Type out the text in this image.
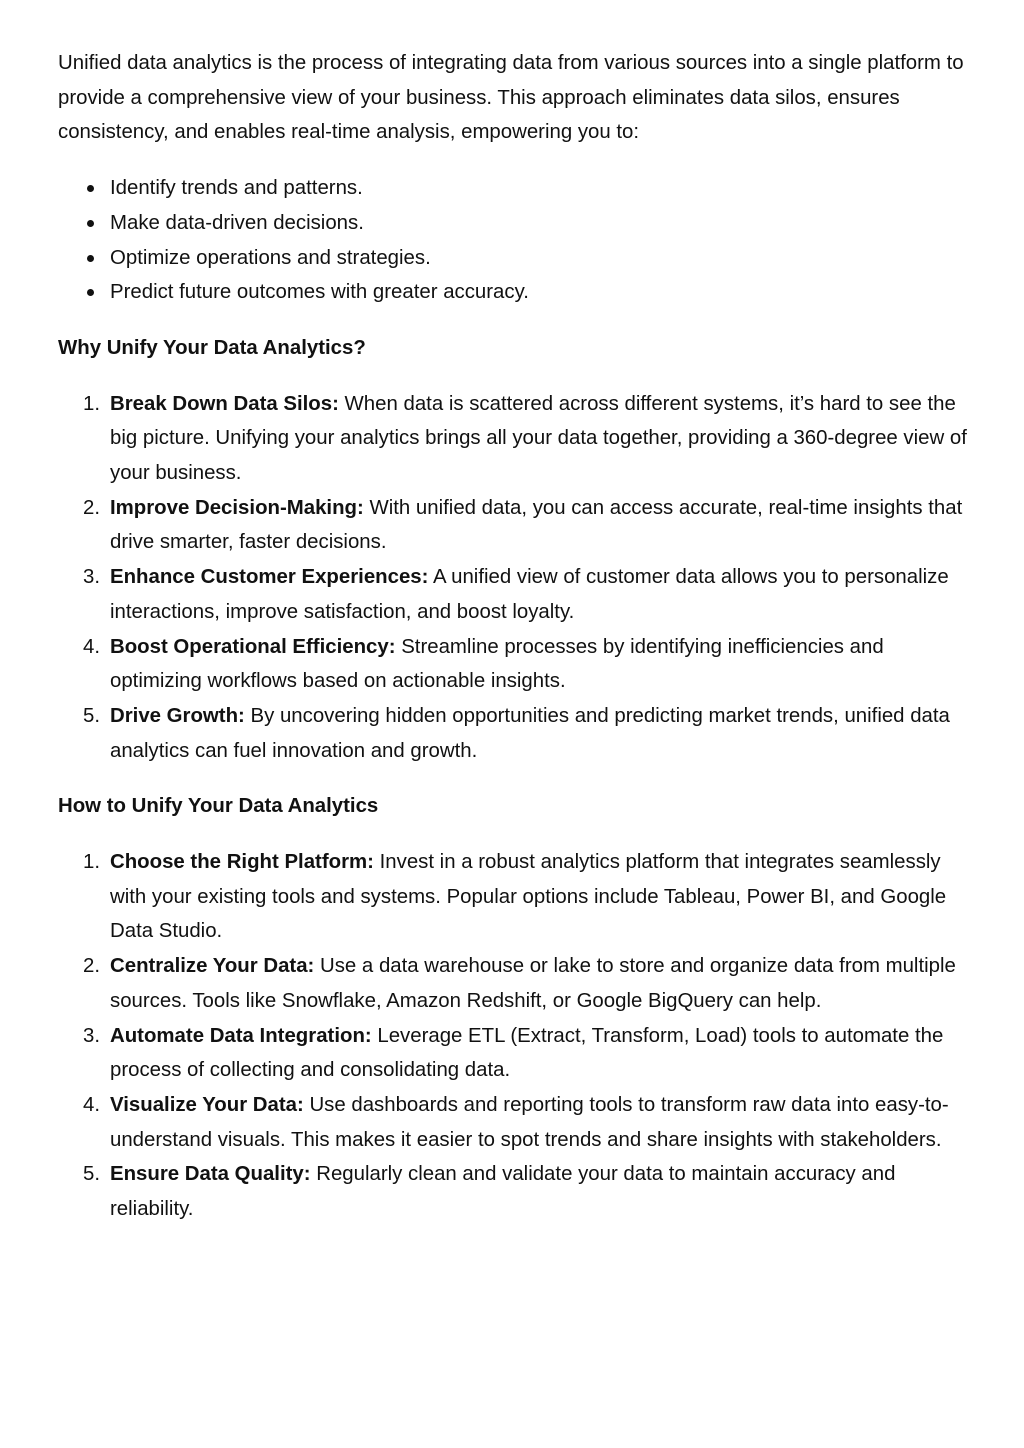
Unified data analytics is the process of integrating data from various sources into a single platform to provide a comprehensive view of your business. This approach eliminates data silos, ensures consistency, and enables real-time analysis, empowering you to:

Identify trends and patterns.
Make data-driven decisions.
Optimize operations and strategies.
Predict future outcomes with greater accuracy.
Why Unify Your Data Analytics?
1. Break Down Data Silos: When data is scattered across different systems, it’s hard to see the big picture. Unifying your analytics brings all your data together, providing a 360-degree view of your business.
2. Improve Decision-Making: With unified data, you can access accurate, real-time insights that drive smarter, faster decisions.
3. Enhance Customer Experiences: A unified view of customer data allows you to personalize interactions, improve satisfaction, and boost loyalty.
4. Boost Operational Efficiency: Streamline processes by identifying inefficiencies and optimizing workflows based on actionable insights.
5. Drive Growth: By uncovering hidden opportunities and predicting market trends, unified data analytics can fuel innovation and growth.
How to Unify Your Data Analytics
1. Choose the Right Platform: Invest in a robust analytics platform that integrates seamlessly with your existing tools and systems. Popular options include Tableau, Power BI, and Google Data Studio.
2. Centralize Your Data: Use a data warehouse or lake to store and organize data from multiple sources. Tools like Snowflake, Amazon Redshift, or Google BigQuery can help.
3. Automate Data Integration: Leverage ETL (Extract, Transform, Load) tools to automate the process of collecting and consolidating data.
4. Visualize Your Data: Use dashboards and reporting tools to transform raw data into easy-to-understand visuals. This makes it easier to spot trends and share insights with stakeholders.
5. Ensure Data Quality: Regularly clean and validate your data to maintain accuracy and reliability.
